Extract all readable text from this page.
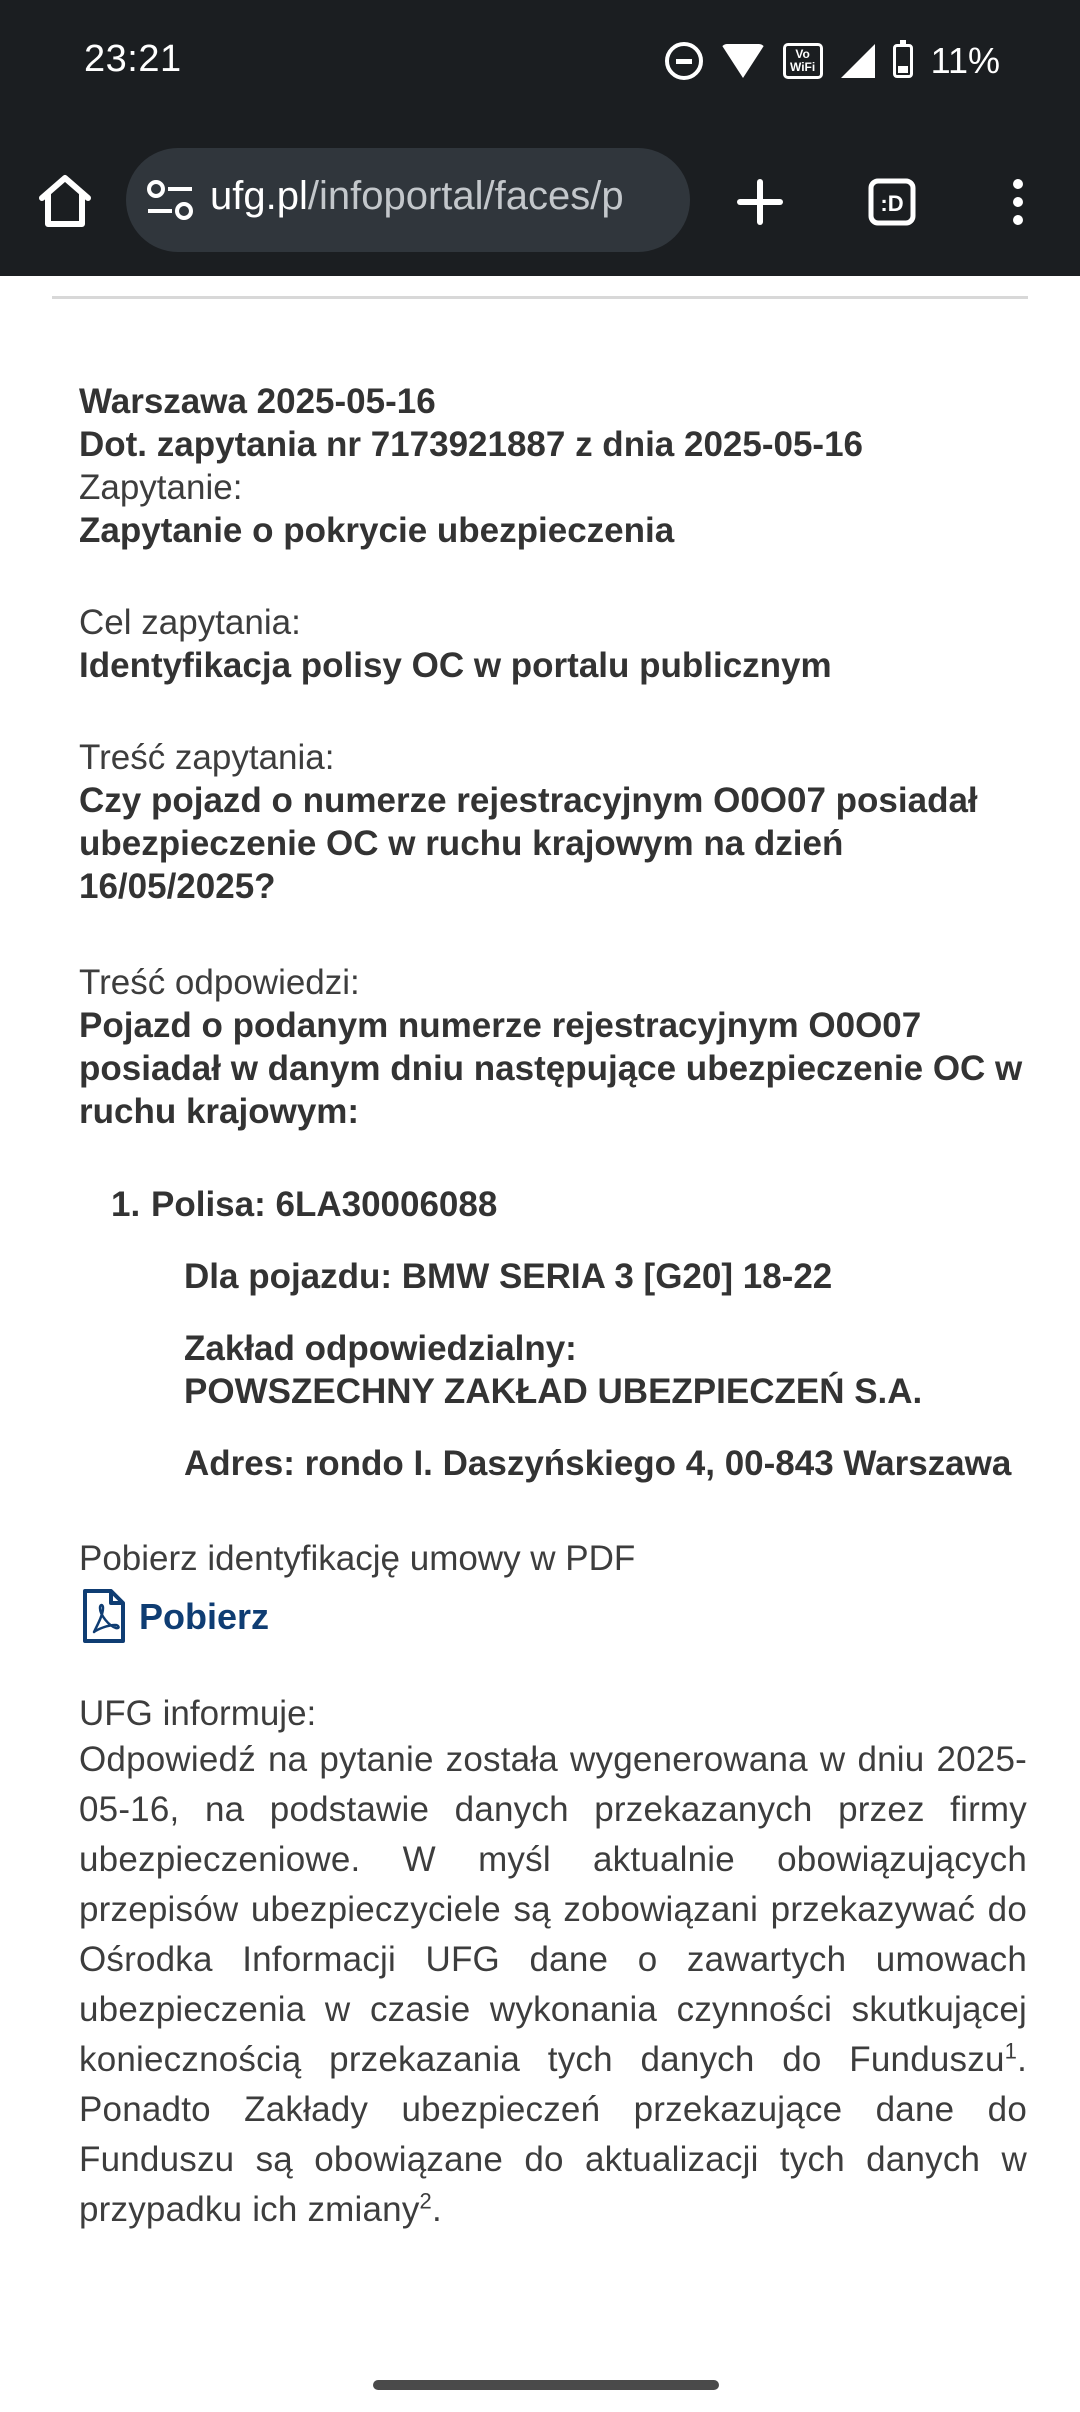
23:21	Vo
WiFi	11%
ufg.pl/infoportal/faces/p	:D
Warszawa 2025-05-16
Dot. zapytania nr 7173921887 z dnia 2025-05-16
Zapytanie:
Zapytanie o pokrycie ubezpieczenia
Cel zapytania:
Identyfikacja polisy OC w portalu publicznym
Treść zapytania:
Czy pojazd o numerze rejestracyjnym O0O07 posiadał ubezpieczenie OC w ruchu krajowym na dzień 16/05/2025?
Treść odpowiedzi:
Pojazd o podanym numerze rejestracyjnym O0O07 posiadał w danym dniu następujące ubezpieczenie OC w ruchu krajowym:
1. Polisa: 6LA30006088
Dla pojazdu: BMW SERIA 3 [G20] 18-22
Zakład odpowiedzialny:
POWSZECHNY ZAKŁAD UBEZPIECZEŃ S.A.
Adres: rondo I. Daszyńskiego 4, 00-843 Warszawa
Pobierz identyfikację umowy w PDF
Pobierz
UFG informuje:
Odpowiedź na pytanie została wygenerowana w dniu 2025-05-16, na podstawie danych przekazanych przez firmy ubezpieczeniowe. W myśl aktualnie obowiązujących przepisów ubezpieczyciele są zobowiązani przekazywać do Ośrodka Informacji UFG dane o zawartych umowach ubezpieczenia w czasie wykonania czynności skutkującej koniecznością przekazania tych danych do Funduszu$^1$. Ponadto Zakłady ubezpieczeń przekazujące dane do Funduszu są obowiązane do aktualizacji tych danych w przypadku ich zmiany$^2$.
